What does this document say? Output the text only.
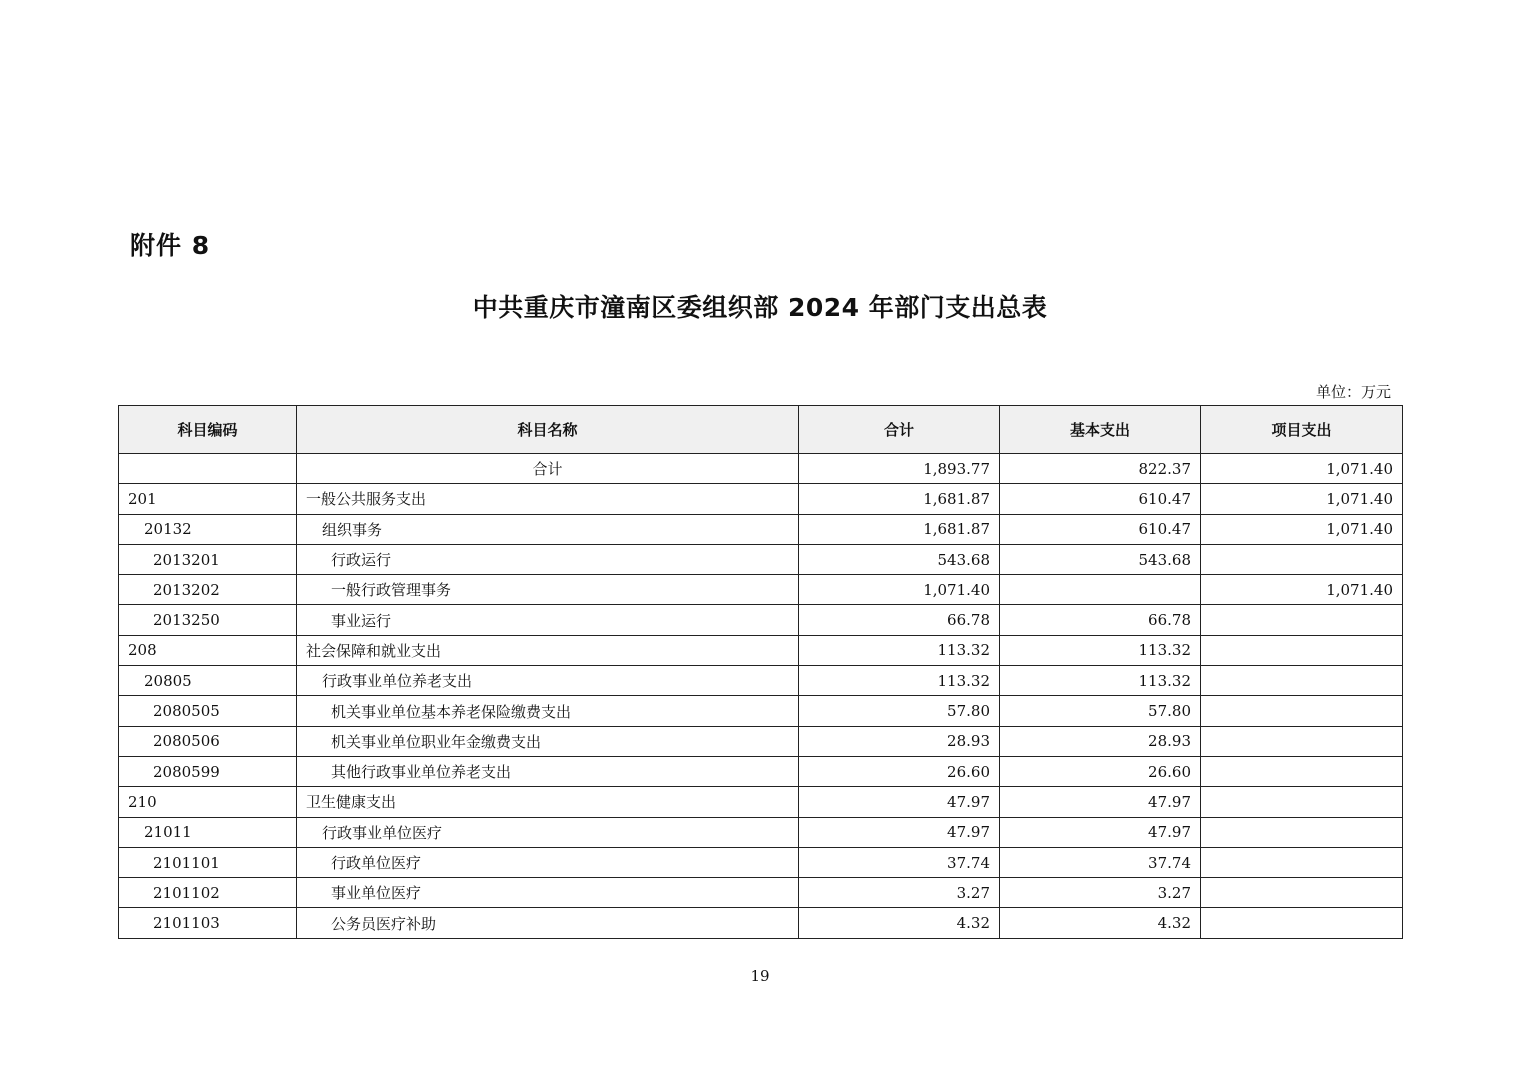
附件 8
中共重庆市潼南区委组织部 2024 年部门支出总表
单位：万元
科目编码	科目名称	合计	基本支出	项目支出
	合计	1,893.77	822.37	1,071.40
201	一般公共服务支出	1,681.87	610.47	1,071.40
20132	组织事务	1,681.87	610.47	1,071.40
2013201	行政运行	543.68	543.68	
2013202	一般行政管理事务	1,071.40		1,071.40
2013250	事业运行	66.78	66.78	
208	社会保障和就业支出	113.32	113.32	
20805	行政事业单位养老支出	113.32	113.32	
2080505	机关事业单位基本养老保险缴费支出	57.80	57.80	
2080506	机关事业单位职业年金缴费支出	28.93	28.93	
2080599	其他行政事业单位养老支出	26.60	26.60	
210	卫生健康支出	47.97	47.97	
21011	行政事业单位医疗	47.97	47.97	
2101101	行政单位医疗	37.74	37.74	
2101102	事业单位医疗	3.27	3.27	
2101103	公务员医疗补助	4.32	4.32	
19
